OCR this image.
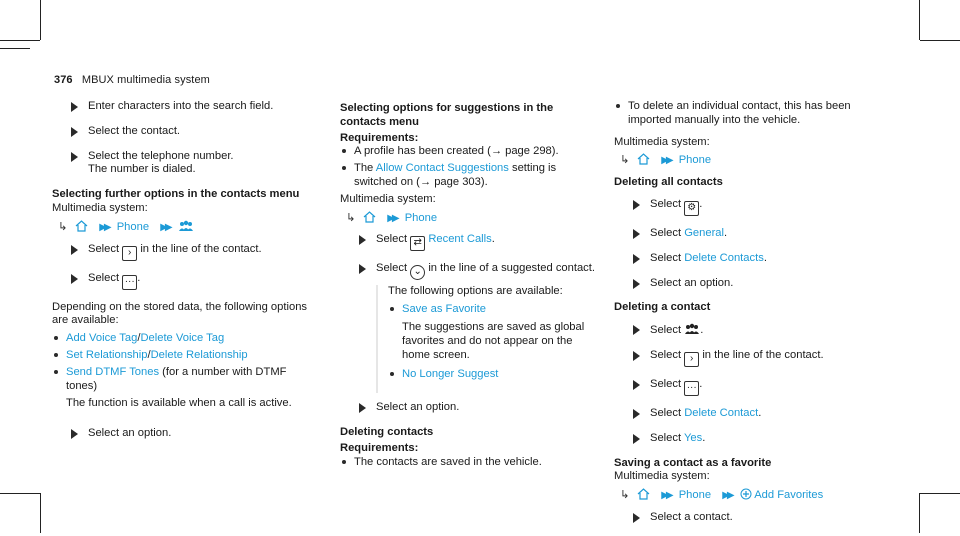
376 MBUX multimedia system
Enter characters into the search field.
Select the contact.
Select the telephone number.
The number is dialed.
Selecting further options in the contacts menu
Multimedia system:
↳	▶▶ Phone ▶▶
Select › in the line of the contact.
Select ··· .
Depending on the stored data, the following options are available:
Add Voice Tag/Delete Voice Tag
Set Relationship/Delete Relationship
Send DTMF Tones (for a number with DTMF tones)
The function is available when a call is active.
Select an option.
Selecting options for suggestions in the contacts menu
Requirements:
A profile has been created (→ page 298).
The Allow Contact Suggestions setting is switched on (→ page 303).
Multimedia system:
↳	▶▶ Phone
Select ⇄ Recent Calls.
Select ⌄ in the line of a suggested contact.
The following options are available:
Save as Favorite
The suggestions are saved as global favorites and do not appear on the home screen.
No Longer Suggest
Select an option.
Deleting contacts
Requirements:
The contacts are saved in the vehicle.
To delete an individual contact, this has been imported manually into the vehicle.
Multimedia system:
↳	▶▶ Phone
Deleting all contacts
Select ⚙ .
Select General.
Select Delete Contacts.
Select an option.
Deleting a contact
Select .
Select › in the line of the contact.
Select ··· .
Select Delete Contact.
Select Yes.
Saving a contact as a favorite
Multimedia system:
↳	▶▶ Phone ▶▶ Add Favorites
Select a contact.
